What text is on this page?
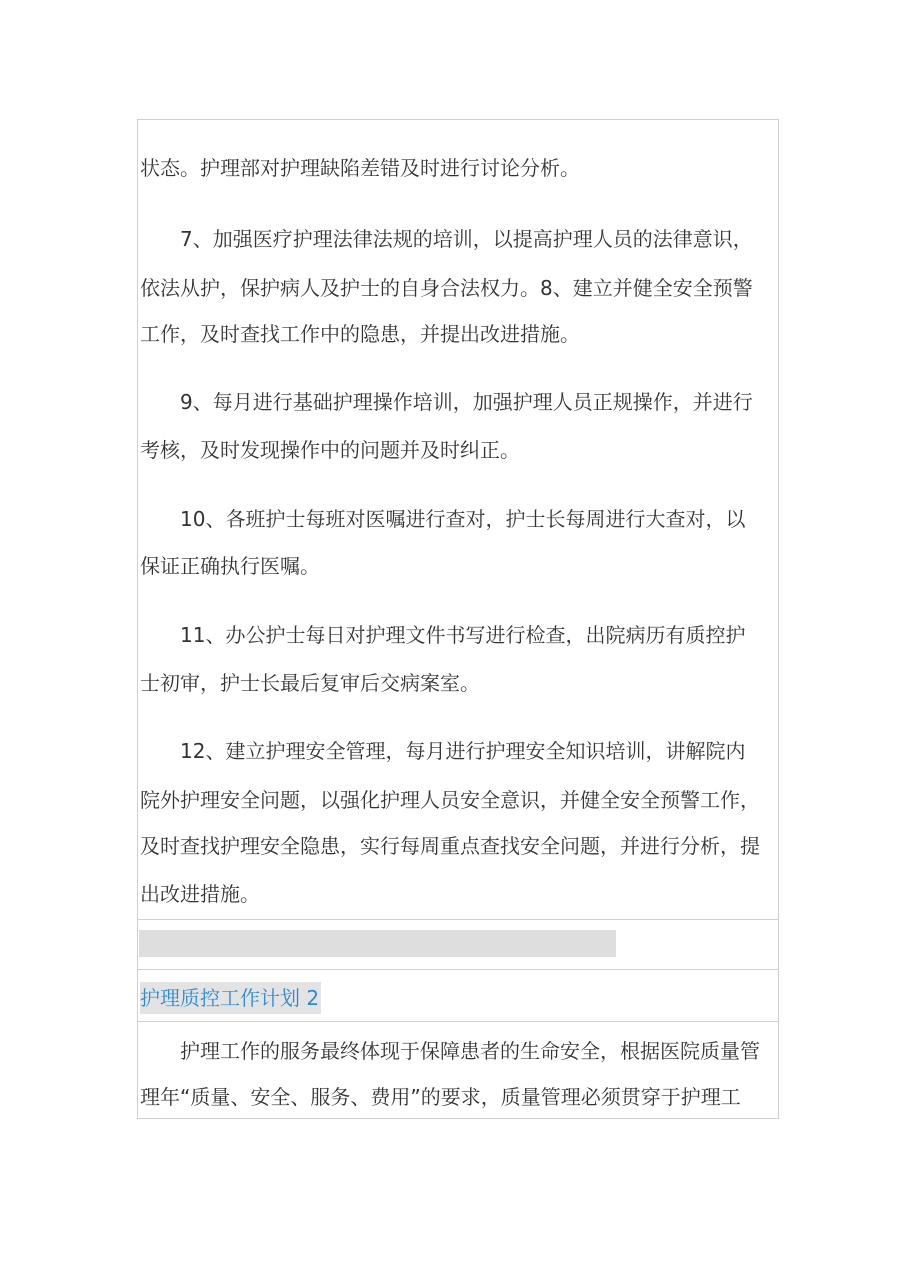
状态。护理部对护理缺陷差错及时进行讨论分析。

　　7、加强医疗护理法律法规的培训，以提高护理人员的法律意识，

依法从护，保护病人及护士的自身合法权力。8、建立并健全安全预警

工作，及时查找工作中的隐患，并提出改进措施。

　　9、每月进行基础护理操作培训，加强护理人员正规操作，并进行

考核，及时发现操作中的问题并及时纠正。

　　10、各班护士每班对医嘱进行查对，护士长每周进行大查对，以

保证正确执行医嘱。

　　11、办公护士每日对护理文件书写进行检查，出院病历有质控护

士初审，护士长最后复审后交病案室。

　　12、建立护理安全管理，每月进行护理安全知识培训，讲解院内

院外护理安全问题，以强化护理人员安全意识，并健全安全预警工作，

及时查找护理安全隐患，实行每周重点查找安全问题，并进行分析，提

出改进措施。

护理质控工作计划 2

　　护理工作的服务最终体现于保障患者的生命安全，根据医院质量管

理年“质量、安全、服务、费用”的要求，质量管理必须贯穿于护理工
